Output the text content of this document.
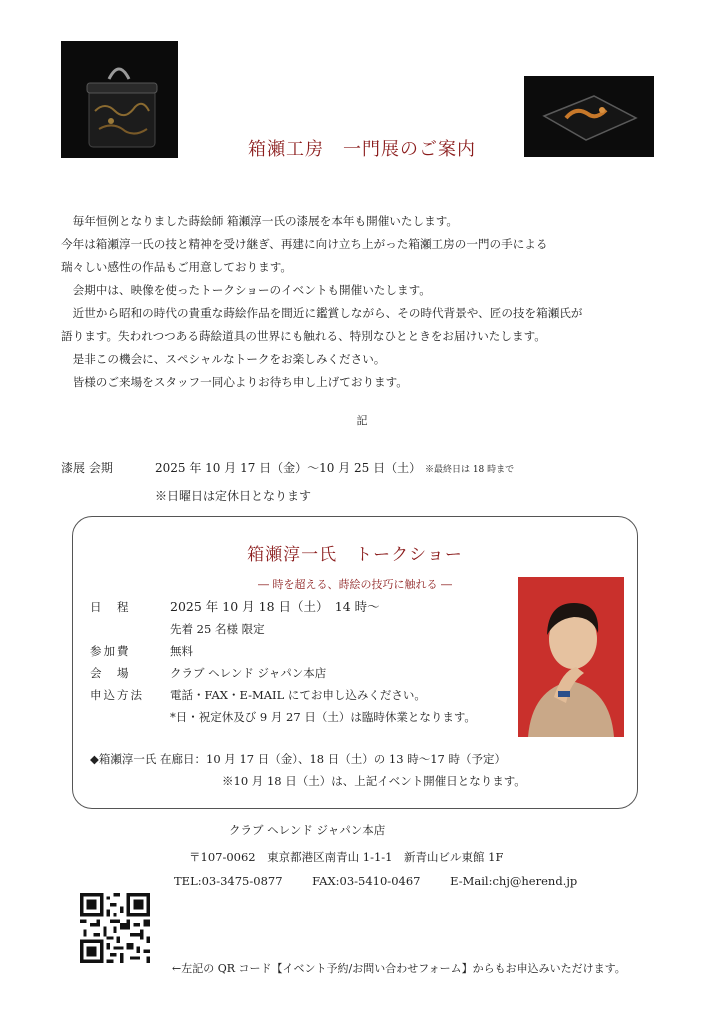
箱瀬工房　一門展のご案内
　毎年恒例となりました蒔絵師 箱瀬淳一氏の漆展を本年も開催いたします。
今年は箱瀬淳一氏の技と精神を受け継ぎ、再建に向け立ち上がった箱瀬工房の一門の手による
瑞々しい感性の作品もご用意しております。
　会期中は、映像を使ったトークショーのイベントも開催いたします。
　近世から昭和の時代の貴重な蒔絵作品を間近に鑑賞しながら、その時代背景や、匠の技を箱瀬氏が
語ります。失われつつある蒔絵道具の世界にも触れる、特別なひとときをお届けいたします。
　是非この機会に、スペシャルなトークをお楽しみください。
　皆様のご来場をスタッフ一同心よりお待ち申し上げております。
記
漆展 会期	2025 年 10 月 17 日（金）〜10 月 25 日（土） ※最終日は 18 時まで
※日曜日は定休日となります
箱瀬淳一氏　トークショー
― 時を超える、蒔絵の技巧に触れる ―
日　程	2025 年 10 月 18 日（土）　14 時〜
先着 25 名様 限定
参加費	無料
会　場	クラブ ヘレンド ジャパン本店
申込方法 電話・FAX・E-MAIL にてお申し込みください。
*日・祝定休及び 9 月 27 日（土）は臨時休業となります。
◆箱瀬淳一氏 在廊日：10 月 17 日（金）、18 日（土）の 13 時〜17 時（予定）
※10 月 18 日（土）は、上記イベント開催日となります。
クラブ ヘレンド ジャパン本店
〒107-0062　東京都港区南青山 1-1-1　新青山ビル東館 1F
TEL:03-3475-0877	FAX:03-5410-0467	E-Mail:chj@herend.jp
←左記の QR コード【イベント予約/お問い合わせフォーム】からもお申込みいただけます。
